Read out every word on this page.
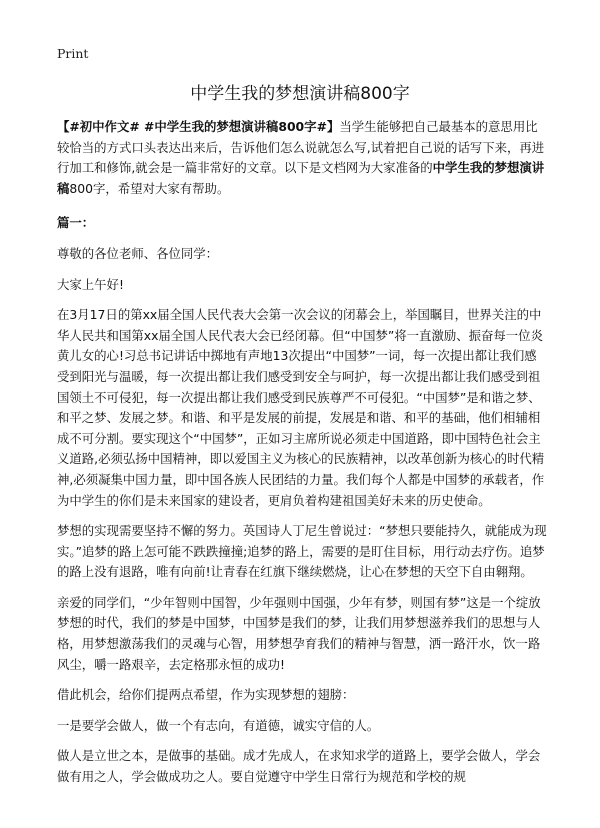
Print
中学生我的梦想演讲稿800字

【#初中作文# #中学生我的梦想演讲稿800字#】当学生能够把自己最基本的意思用比较恰当的方式口头表达出来后，告诉他们怎么说就怎么写,试着把自己说的话写下来，再进行加工和修饰,就会是一篇非常好的文章。以下是文档网为大家准备的中学生我的梦想演讲稿800字，希望对大家有帮助。

篇一：

尊敬的各位老师、各位同学：

大家上午好!

在3月17日的第xx届全国人民代表大会第一次会议的闭幕会上，举国瞩目，世界关注的中华人民共和国第xx届全国人民代表大会已经闭幕。但“中国梦”将一直激励、振奋每一位炎黄儿女的心!习总书记讲话中掷地有声地13次提出“中国梦”一词，每一次提出都让我们感受到阳光与温暖，每一次提出都让我们感受到安全与呵护，每一次提出都让我们感受到祖国领土不可侵犯，每一次提出都让我们感受到民族尊严不可侵犯。“中国梦”是和谐之梦、和平之梦、发展之梦。和谐、和平是发展的前提，发展是和谐、和平的基础，他们相辅相成不可分割。要实现这个“中国梦”，正如习主席所说必须走中国道路，即中国特色社会主义道路,必须弘扬中国精神，即以爱国主义为核心的民族精神，以改革创新为核心的时代精神,必须凝集中国力量，即中国各族人民团结的力量。我们每个人都是中国梦的承载者，作为中学生的你们是未来国家的建设者，更肩负着构建祖国美好未来的历史使命。

梦想的实现需要坚持不懈的努力。英国诗人丁尼生曾说过：“梦想只要能持久，就能成为现实。”追梦的路上怎可能不跌跌撞撞;追梦的路上，需要的是盯住目标，用行动去疗伤。追梦的路上没有退路，唯有向前!让青春在红旗下继续燃烧，让心在梦想的天空下自由翱翔。

亲爱的同学们，“少年智则中国智，少年强则中国强，少年有梦，则国有梦”这是一个绽放梦想的时代，我们的梦是中国梦，中国梦是我们的梦，让我们用梦想滋养我们的思想与人格，用梦想激荡我们的灵魂与心智，用梦想孕育我们的精神与智慧，洒一路汗水，饮一路风尘，嚼一路艰辛，去定格那永恒的成功!

借此机会，给你们提两点希望，作为实现梦想的翅膀：

一是要学会做人，做一个有志向，有道德，诚实守信的人。

做人是立世之本，是做事的基础。成才先成人，在求知求学的道路上，要学会做人，学会做有用之人，学会做成功之人。要自觉遵守中学生日常行为规范和学校的规
